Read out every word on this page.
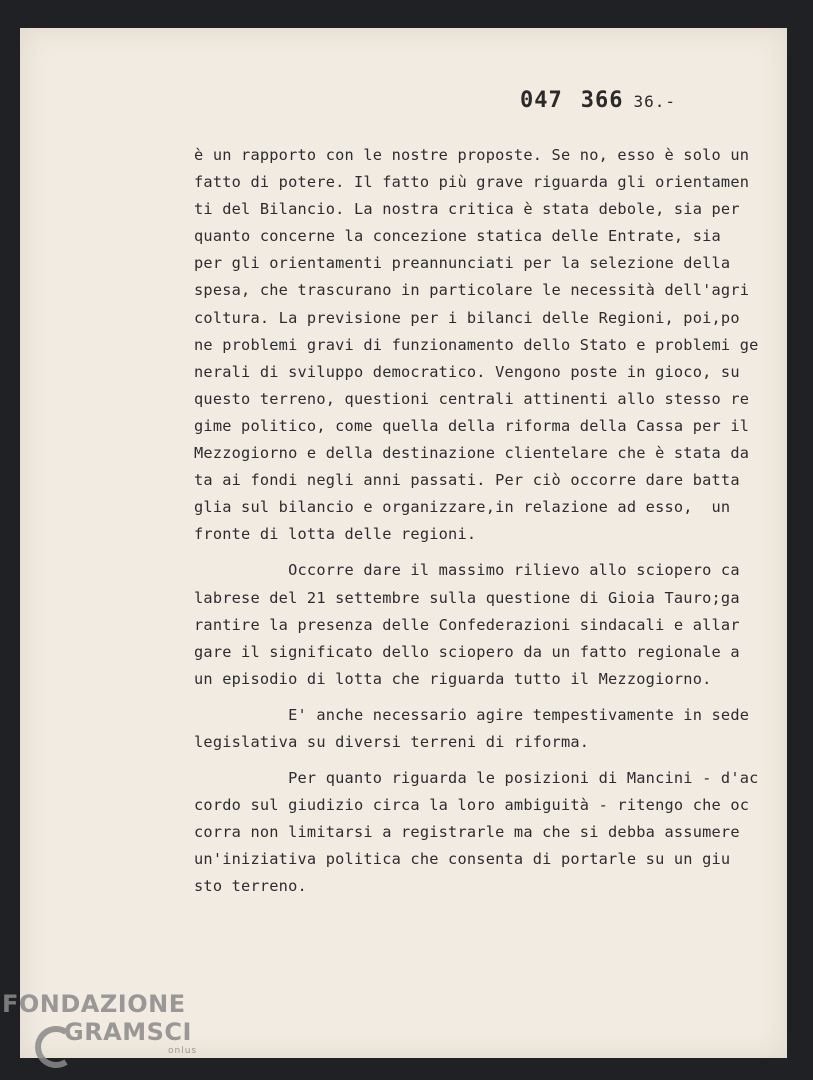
047 366 36.-
è un rapporto con le nostre proposte. Se no, esso è solo un
fatto di potere. Il fatto più grave riguarda gli orientamen
ti del Bilancio. La nostra critica è stata debole, sia per
quanto concerne la concezione statica delle Entrate, sia
per gli orientamenti preannunciati per la selezione della
spesa, che trascurano in particolare le necessità dell'agri
coltura. La previsione per i bilanci delle Regioni, poi,po
ne problemi gravi di funzionamento dello Stato e problemi ge
nerali di sviluppo democratico. Vengono poste in gioco, su
questo terreno, questioni centrali attinenti allo stesso re
gime politico, come quella della riforma della Cassa per il
Mezzogiorno e della destinazione clientelare che è stata da
ta ai fondi negli anni passati. Per ciò occorre dare batta
glia sul bilancio e organizzare,in relazione ad esso,  un
fronte di lotta delle regioni.
Occorre dare il massimo rilievo allo sciopero ca
labrese del 21 settembre sulla questione di Gioia Tauro;ga
rantire la presenza delle Confederazioni sindacali e allar
gare il significato dello sciopero da un fatto regionale a
un episodio di lotta che riguarda tutto il Mezzogiorno.
E' anche necessario agire tempestivamente in sede
legislativa su diversi terreni di riforma.
Per quanto riguarda le posizioni di Mancini - d'ac
cordo sul giudizio circa la loro ambiguità - ritengo che oc
corra non limitarsi a registrarle ma che si debba assumere
un'iniziativa politica che consenta di portarle su un giu
sto terreno.
FONDAZIONE
GRAMSCI
onlus
